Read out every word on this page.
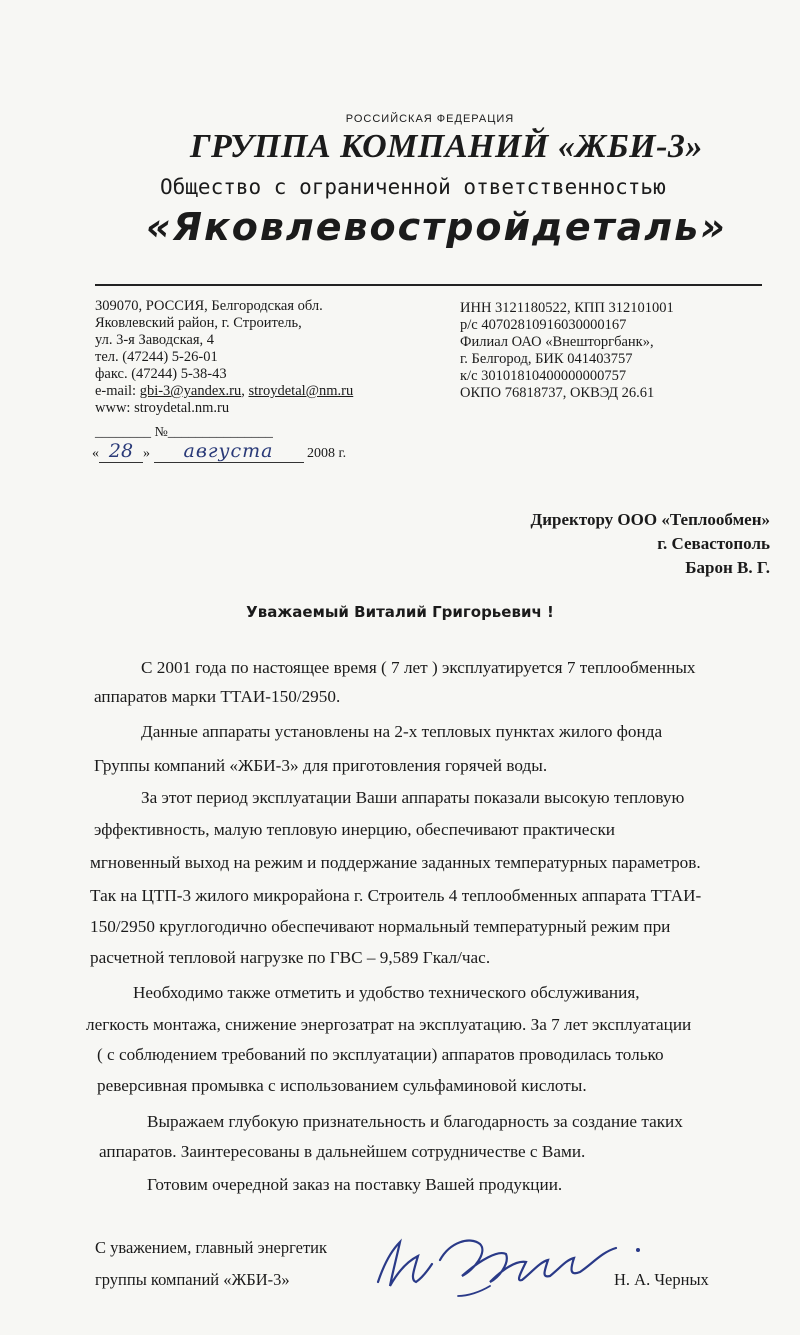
РОССИЙСКАЯ ФЕДЕРАЦИЯ
ГРУППА КОМПАНИЙ «ЖБИ-3»
Общество с ограниченной ответственностью
«Яковлевостройдеталь»
309070, РОССИЯ, Белгородская обл.
Яковлевский район, г. Строитель,
ул. 3-я Заводская, 4
тел. (47244) 5-26-01
факс. (47244) 5-38-43
e-mail: gbi-3@yandex.ru, stroydetal@nm.ru
www: stroydetal.nm.ru
ИНН 3121180522, КПП 312101001
р/с 40702810916030000167
Филиал ОАО «Внешторгбанк»,
г. Белгород, БИК 041403757
к/с 30101810400000000757
ОКПО 76818737, ОКВЭД 26.61
________ №_______________
« 28 » августа 2008 г.
Директору ООО «Теплообмен»
г. Севастополь
Барон В. Г.
Уважаемый Виталий Григорьевич !
С 2001 года по настоящее время ( 7 лет ) эксплуатируется 7 теплообменных
аппаратов марки ТТАИ-150/2950.
Данные аппараты установлены на 2-х тепловых пунктах жилого фонда
Группы компаний «ЖБИ-3» для приготовления горячей воды.
За этот период эксплуатации Ваши аппараты показали высокую тепловую
эффективность, малую тепловую инерцию, обеспечивают практически
мгновенный выход на режим и поддержание заданных температурных параметров.
Так на ЦТП-3 жилого микрорайона г. Строитель 4 теплообменных аппарата ТТАИ-
150/2950 круглогодично обеспечивают нормальный температурный режим при
расчетной тепловой нагрузке по ГВС – 9,589 Гкал/час.
Необходимо также отметить и удобство технического обслуживания,
легкость монтажа, снижение энергозатрат на эксплуатацию. За 7 лет эксплуатации
( с соблюдением требований по эксплуатации) аппаратов проводилась только
реверсивная промывка с использованием сульфаминовой кислоты.
Выражаем глубокую признательность и благодарность за создание таких
аппаратов. Заинтересованы в дальнейшем сотрудничестве с Вами.
Готовим очередной заказ на поставку Вашей продукции.
С уважением, главный энергетик
группы компаний «ЖБИ-3»	Н. А. Черных
